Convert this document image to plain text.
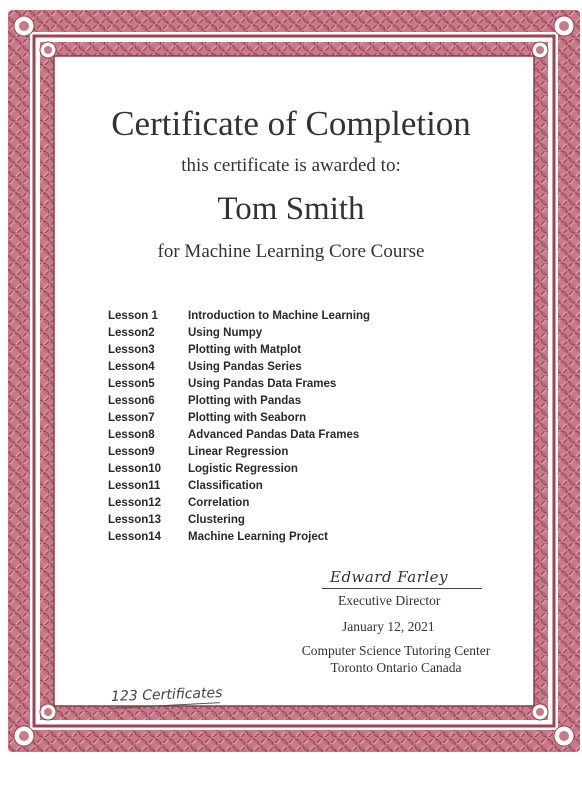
Certificate of Completion
this certificate is awarded to:
Tom Smith
for Machine Learning Core Course
Lesson 1	Introduction to Machine Learning
Lesson2	Using Numpy
Lesson3	Plotting with Matplot
Lesson4	Using Pandas Series
Lesson5	Using Pandas Data Frames
Lesson6	Plotting with Pandas
Lesson7	Plotting with Seaborn
Lesson8	Advanced Pandas Data Frames
Lesson9	Linear Regression
Lesson10	Logistic Regression
Lesson11	Classification
Lesson12	Correlation
Lesson13	Clustering
Lesson14	Machine Learning Project
Edward Farley
Executive Director
January 12, 2021
Computer Science Tutoring Center
Toronto Ontario Canada
123 Certificates
